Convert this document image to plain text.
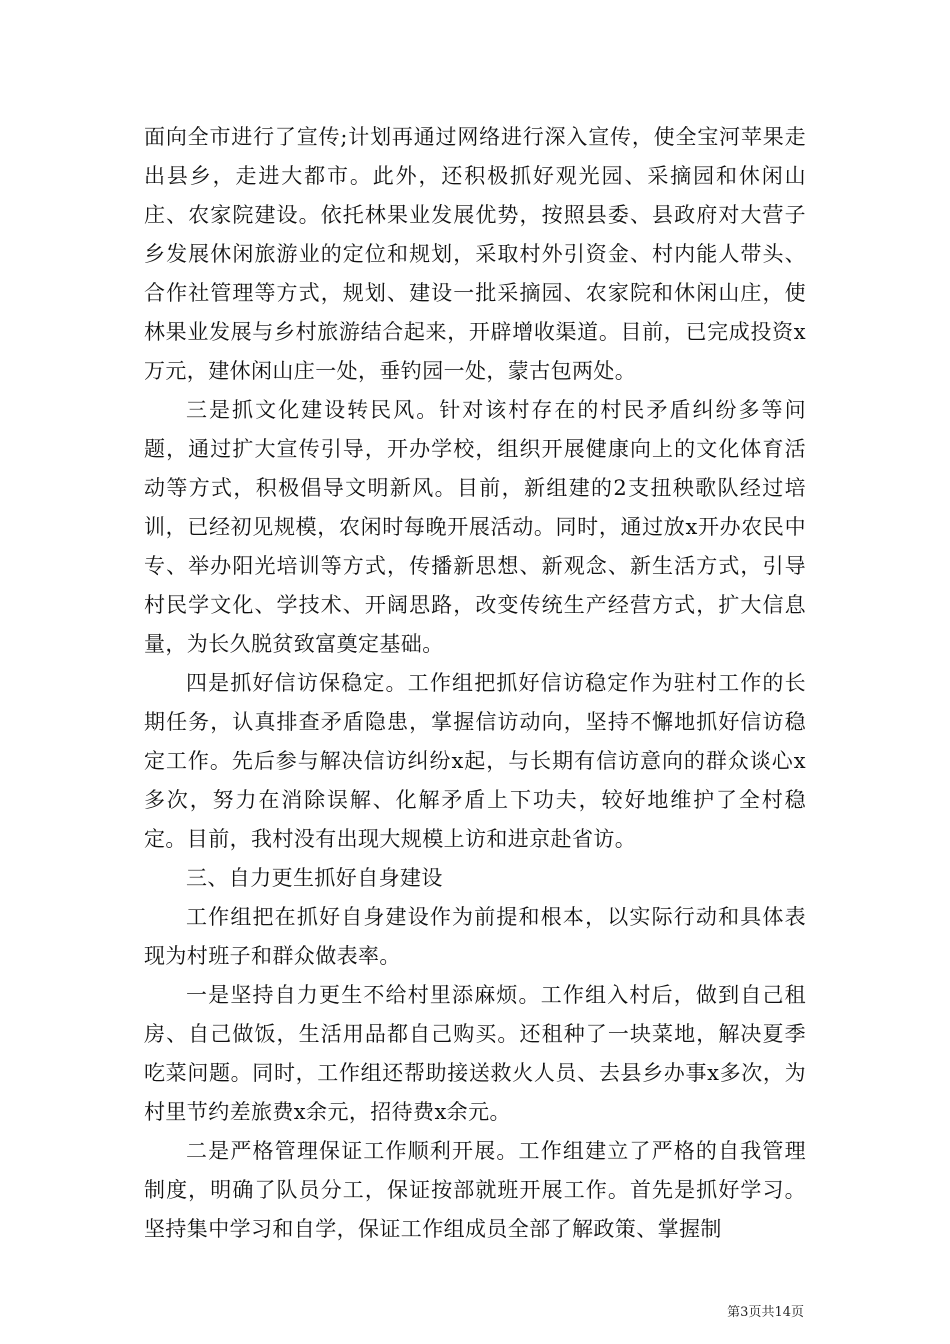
面向全市进行了宣传;计划再通过网络进行深入宣传，使全宝河苹果走出县乡，走进大都市。此外，还积极抓好观光园、采摘园和休闲山庄、农家院建设。依托林果业发展优势，按照县委、县政府对大营子乡发展休闲旅游业的定位和规划，采取村外引资金、村内能人带头、合作社管理等方式，规划、建设一批采摘园、农家院和休闲山庄，使林果业发展与乡村旅游结合起来，开辟增收渠道。目前，已完成投资x万元，建休闲山庄一处，垂钓园一处，蒙古包两处。

三是抓文化建设转民风。针对该村存在的村民矛盾纠纷多等问题，通过扩大宣传引导，开办学校，组织开展健康向上的文化体育活动等方式，积极倡导文明新风。目前，新组建的2支扭秧歌队经过培训，已经初见规模，农闲时每晚开展活动。同时，通过放x开办农民中专、举办阳光培训等方式，传播新思想、新观念、新生活方式，引导村民学文化、学技术、开阔思路，改变传统生产经营方式，扩大信息量，为长久脱贫致富奠定基础。

四是抓好信访保稳定。工作组把抓好信访稳定作为驻村工作的长期任务，认真排查矛盾隐患，掌握信访动向，坚持不懈地抓好信访稳定工作。先后参与解决信访纠纷x起，与长期有信访意向的群众谈心x多次，努力在消除误解、化解矛盾上下功夫，较好地维护了全村稳定。目前，我村没有出现大规模上访和进京赴省访。

三、自力更生抓好自身建设

工作组把在抓好自身建设作为前提和根本，以实际行动和具体表现为村班子和群众做表率。

一是坚持自力更生不给村里添麻烦。工作组入村后，做到自己租房、自己做饭，生活用品都自己购买。还租种了一块菜地，解决夏季吃菜问题。同时，工作组还帮助接送救火人员、去县乡办事x多次，为村里节约差旅费x余元，招待费x余元。

二是严格管理保证工作顺利开展。工作组建立了严格的自我管理制度，明确了队员分工，保证按部就班开展工作。首先是抓好学习。坚持集中学习和自学，保证工作组成员全部了解政策、掌握制

第3页共14页
